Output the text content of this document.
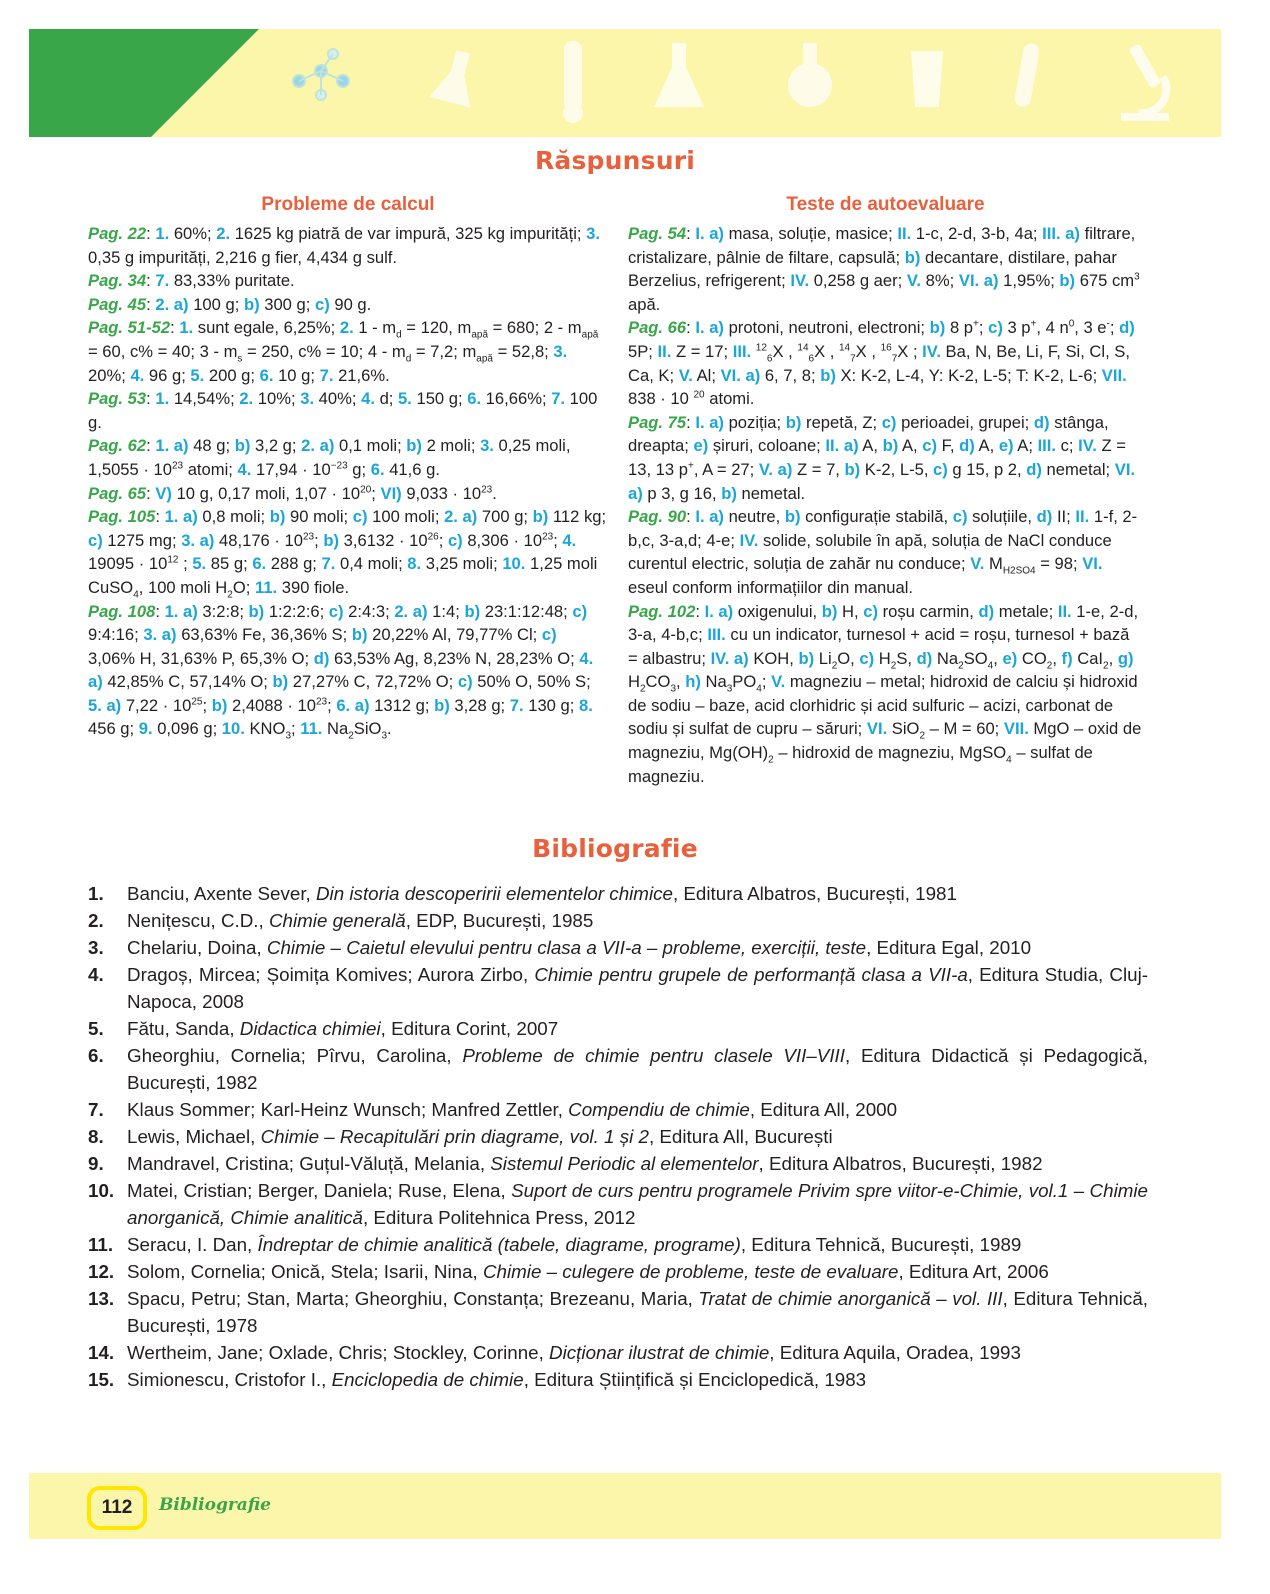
Răspunsuri
Probleme de calcul	Teste de autoevaluare

Pag. 22: 1. 60%; 2. 1625 kg piatră de var impură, 325 kg impurități; 3. 0,35 g impurități, 2,216 g fier, 4,434 g sulf.

Pag. 34: 7. 83,33% puritate.

Pag. 45: 2. a) 100 g; b) 300 g; c) 90 g.

Pag. 51-52: 1. sunt egale, 6,25%; 2. $1 - m_d = 120$, $m_{apă} = 680$; $2 - m_{apă} = 60$, c% = 40; $3 - m_s = 250$, c% = 10; $4 - m_d = 7,2$; $m_{apă} = 52,8$; 3. 20%; 4. 96 g; 5. 200 g; 6. 10 g; 7. 21,6%.

Pag. 53: 1. 14,54%; 2. 10%; 3. 40%; 4. d; 5. 150 g; 6. 16,66%; 7. 100 g.

Pag. 62: 1. a) 48 g; b) 3,2 g; 2. a) 0,1 moli; b) 2 moli; 3. 0,25 moli, $1,5055 \cdot 10^{23}$ atomi; 4. $17,94 \cdot 10^{-23}$ g; 6. 41,6 g.

Pag. 65: V) 10 g, 0,17 moli, $1,07 \cdot 10^{20}$; VI) $9,033 \cdot 10^{23}$.

Pag. 105: 1. a) 0,8 moli; b) 90 moli; c) 100 moli; 2. a) 700 g; b) 112 kg; c) 1275 mg; 3. a) $48,176 \cdot 10^{23}$; b) $3,6132 \cdot 10^{26}$; c) $8,306 \cdot 10^{23}$; 4. $19095 \cdot 10^{12}$ ; 5. 85 g; 6. 288 g; 7. 0,4 moli; 8. 3,25 moli; 10. 1,25 moli CuSO$_4$, 100 moli $H_2O$; 11. 390 fiole.

Pag. 108: 1. a) 3:2:8; b) 1:2:2:6; c) 2:4:3; 2. a) 1:4; b) 23:1:12:48; c) 9:4:16; 3. a) 63,63% Fe, 36,36% S; b) 20,22% Al, 79,77% Cl; c) 3,06% H, 31,63% P, 65,3% O; d) 63,53% Ag, 8,23% N, 28,23% O; 4. a) 42,85% C, 57,14% O; b) 27,27% C, 72,72% O; c) 50% O, 50% S; 5. a) $7,22 \cdot 10^{25}$; b) $2,4088 \cdot 10^{23}$; 6. a) 1312 g; b) 3,28 g; 7. 130 g; 8. 456 g; 9. 0,096 g; 10. $KNO_3$; 11. $Na_2SiO_3$.

Pag. 54: I. a) masa, soluție, masice; II. 1-c, 2-d, 3-b, 4a; III. a) filtrare, cristalizare, pâlnie de filtare, capsulă; b) decantare, distilare, pahar Berzelius, refrigerent; IV. 0,258 g aer; V. 8%; VI. a) 1,95%; b) 675 $cm^3$ apă.

Pag. 66: I. a) protoni, neutroni, electroni; b) 8 p+; c) 3 p+, 4 $n^0$, 3 e-; d) 5P; II. Z = 17; III. $^{12}_6$X , $^{14}_6$X , $^{14}_7$X , $^{16}_7$X ; IV. Ba, N, Be, Li, F, Si, Cl, S, Ca, K; V. Al; VI. a) 6, 7, 8; b) X: K-2, L-4, Y: K-2, L-5; T: K-2, L-6; VII. 838 · 10 $^{20}$ atomi.

Pag. 75: I. a) poziția; b) repetă, Z; c) perioadei, grupei; d) stânga, dreapta; e) șiruri, coloane; II. a) A, b) A, c) F, d) A, e) A; III. c; IV. Z = 13, 13 p+, A = 27; V. a) Z = 7, b) K-2, L-5, c) g 15, p 2, d) nemetal; VI. a) p 3, g 16, b) nemetal.

Pag. 90: I. a) neutre, b) configurație stabilă, c) soluțiile, d) II; II. 1-f, 2-b,c, 3-a,d; 4-e; IV. solide, solubile în apă, soluția de NaCl conduce curentul electric, soluția de zahăr nu conduce; V. $M_{H2SO4} = 98$; VI. eseul conform informațiilor din manual.

Pag. 102: I. a) oxigenului, b) H, c) roșu carmin, d) metale; II. 1-e, 2-d, 3-a, 4-b,c; III. cu un indicator, turnesol + acid = roșu, turnesol + bază = albastru; IV. a) KOH, b) $Li_2O$, c) $H_2S$, d) $Na_2SO_4$, e) $CO_2$, f) CaI$_2$, g) $H_2CO_3$, h) $Na_3PO_4$; V. magneziu – metal; hidroxid de calciu și hidroxid de sodiu – baze, acid clorhidric și acid sulfuric – acizi, carbonat de sodiu și sulfat de cupru – săruri; VI. SiO$_2$ – M = 60; VII. MgO – oxid de magneziu, $Mg(OH)_2$ – hidroxid de magneziu, MgSO$_4$ – sulfat de magneziu.

Bibliografie
1. Banciu, Axente Sever, Din istoria descoperirii elementelor chimice, Editura Albatros, București, 1981
2. Nenițescu, C.D., Chimie generală, EDP, București, 1985
3. Chelariu, Doina, Chimie – Caietul elevului pentru clasa a VII-a – probleme, exerciții, teste, Editura Egal, 2010
4. Dragoș, Mircea; Șoimița Komives; Aurora Zirbo, Chimie pentru grupele de performanță clasa a VII-a, Editura Studia, Cluj-Napoca, 2008
5. Fătu, Sanda, Didactica chimiei, Editura Corint, 2007
6. Gheorghiu, Cornelia; Pîrvu, Carolina, Probleme de chimie pentru clasele VII–VIII, Editura Didactică și Pedagogică, București, 1982
7. Klaus Sommer; Karl-Heinz Wunsch; Manfred Zettler, Compendiu de chimie, Editura All, 2000
8. Lewis, Michael, Chimie – Recapitulări prin diagrame, vol. 1 și 2, Editura All, București
9. Mandravel, Cristina; Guțul-Văluță, Melania, Sistemul Periodic al elementelor, Editura Albatros, București, 1982
10. Matei, Cristian; Berger, Daniela; Ruse, Elena, Suport de curs pentru programele Privim spre viitor-e-Chimie, vol.1 – Chimie anorganică, Chimie analitică, Editura Politehnica Press, 2012
11. Seracu, I. Dan, Îndreptar de chimie analitică (tabele, diagrame, programe), Editura Tehnică, București, 1989
12. Solom, Cornelia; Onică, Stela; Isarii, Nina, Chimie – culegere de probleme, teste de evaluare, Editura Art, 2006
13. Spacu, Petru; Stan, Marta; Gheorghiu, Constanța; Brezeanu, Maria, Tratat de chimie anorganică – vol. III, Editura Tehnică, București, 1978
14. Wertheim, Jane; Oxlade, Chris; Stockley, Corinne, Dicționar ilustrat de chimie, Editura Aquila, Oradea, 1993
15. Simionescu, Cristofor I., Enciclopedia de chimie, Editura Științifică și Enciclopedică, 1983
112	Bibliografie
